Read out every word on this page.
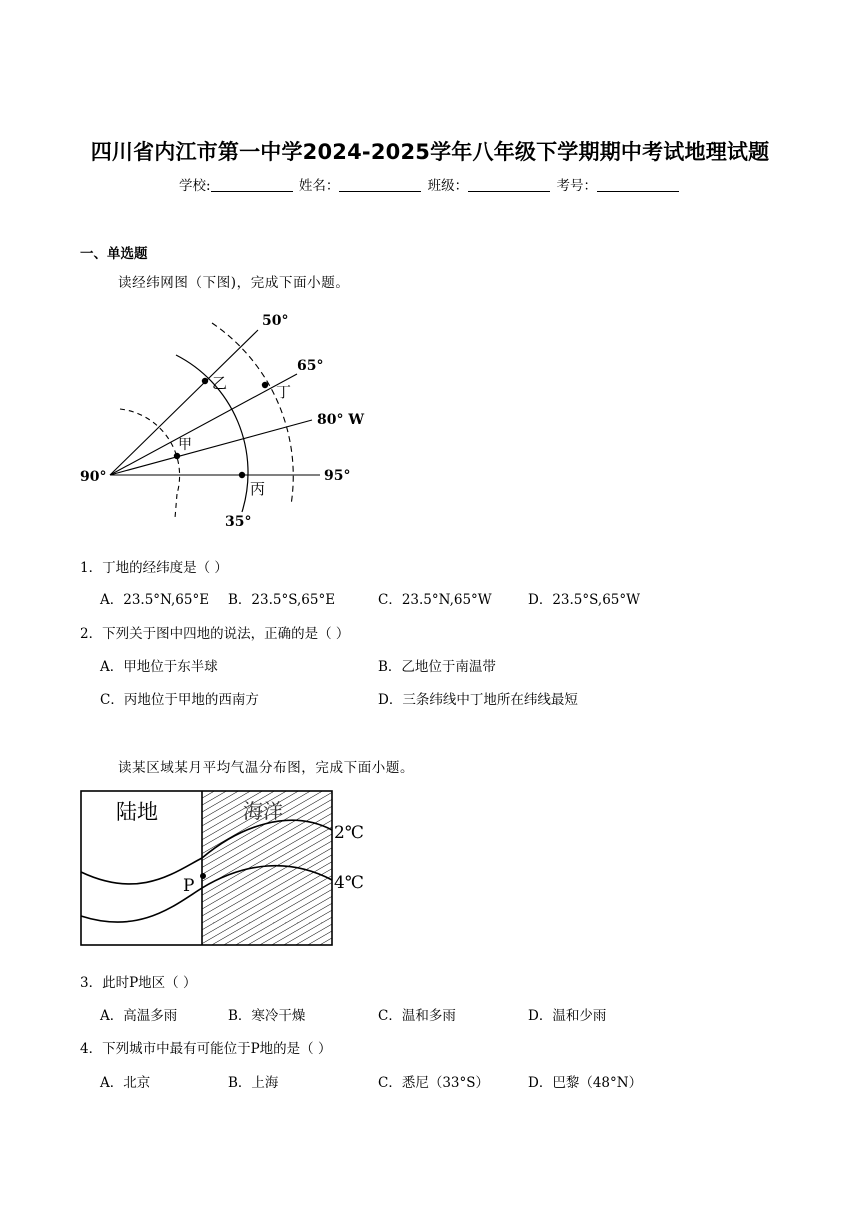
四川省内江市第一中学2024-2025学年八年级下学期期中考试地理试题
学校:	姓名：	班级：	考号：
一、单选题
读经纬网图（下图)，完成下面小题。
50°
65°
80° W
95°
90°
35°
甲
乙
丙
丁
1．丁地的经纬度是（ ）
A．23.5°N,65°E B．23.5°S,65°E	C．23.5°N,65°W	D．23.5°S,65°W
2．下列关于图中四地的说法，正确的是（ ）
A．甲地位于东半球	B．乙地位于南温带
C．丙地位于甲地的西南方	D．三条纬线中丁地所在纬线最短
读某区域某月平均气温分布图，完成下面小题。
陆地	海洋
P
2℃
4℃
3．此时P地区（ ）
A．高温多雨	B．寒冷干燥	C．温和多雨	D．温和少雨
4．下列城市中最有可能位于P地的是（ ）
A．北京	B．上海	C．悉尼（33°S）	D．巴黎（48°N）
